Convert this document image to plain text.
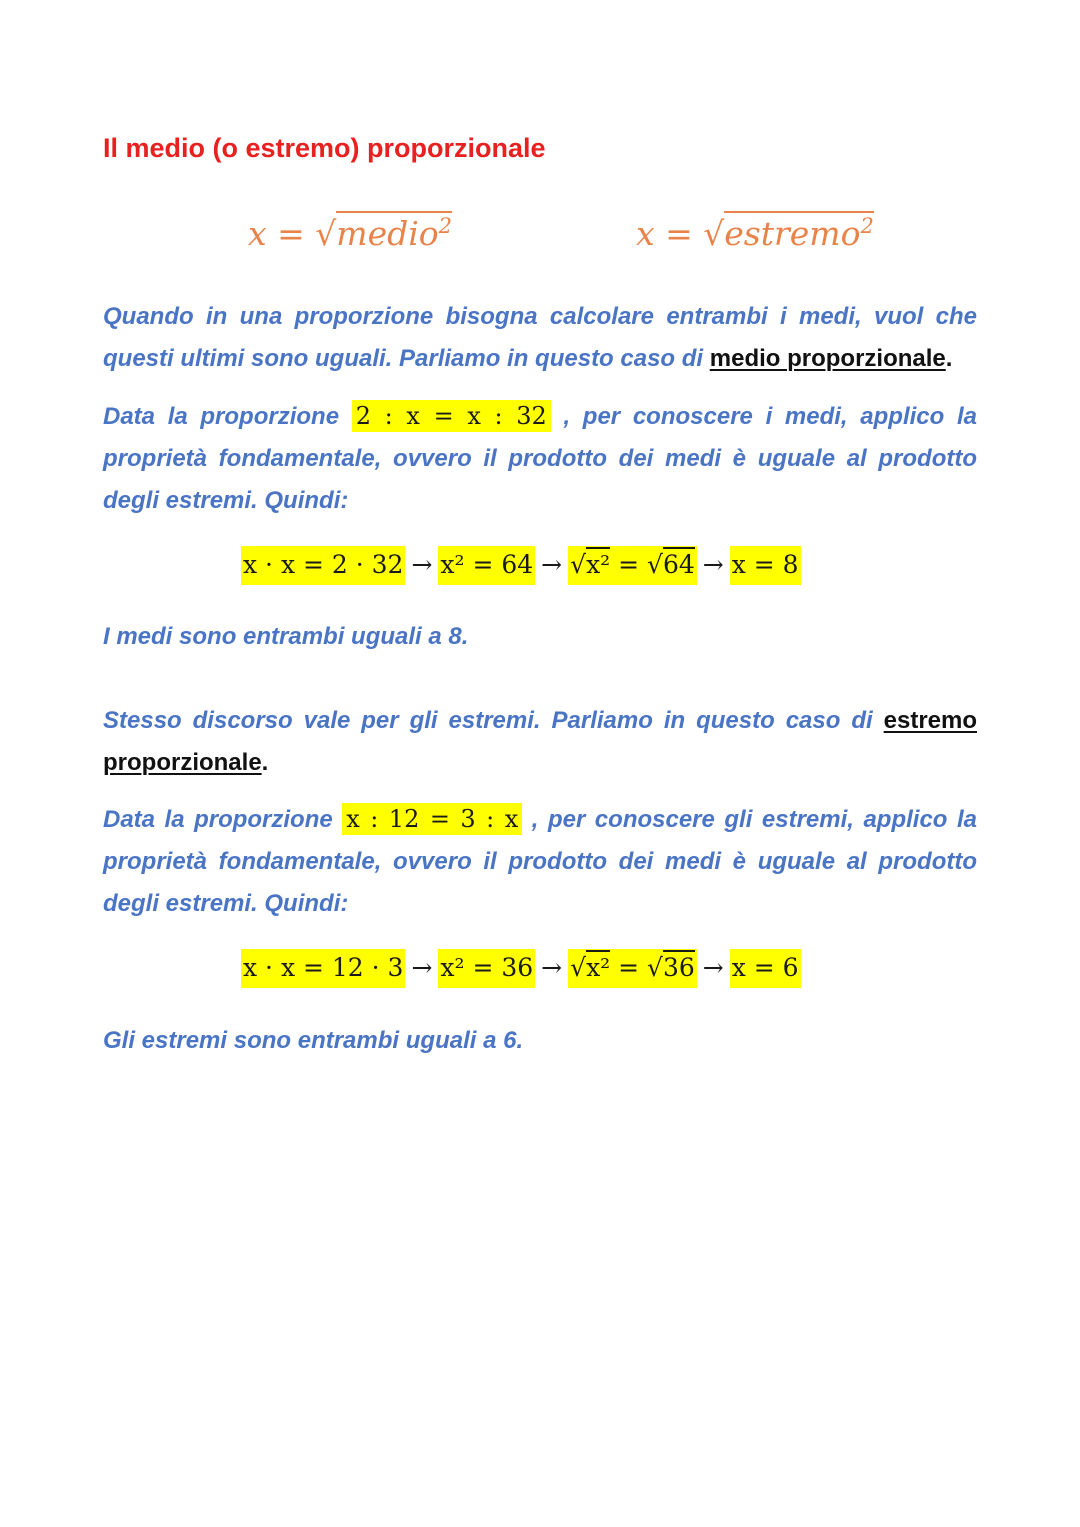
Il medio (o estremo) proporzionale
x = √medio$^2$	x = √estremo$^2$

Quando in una proporzione bisogna calcolare entrambi i medi, vuol che questi ultimi sono uguali. Parliamo in questo caso di medio proporzionale.

Data la proporzione 2 : x = x : 32 , per conoscere i medi, applico la proprietà fondamentale, ovvero il prodotto dei medi è uguale al prodotto degli estremi. Quindi:

x · x = 2 · 32 → x² = 64 → √x² = √64 → x = 8

I medi sono entrambi uguali a 8.

Stesso discorso vale per gli estremi. Parliamo in questo caso di estremo proporzionale.

Data la proporzione x : 12 = 3 : x , per conoscere gli estremi, applico la proprietà fondamentale, ovvero il prodotto dei medi è uguale al prodotto degli estremi. Quindi:

x · x = 12 · 3 → x² = 36 → √x² = √36 → x = 6

Gli estremi sono entrambi uguali a 6.
